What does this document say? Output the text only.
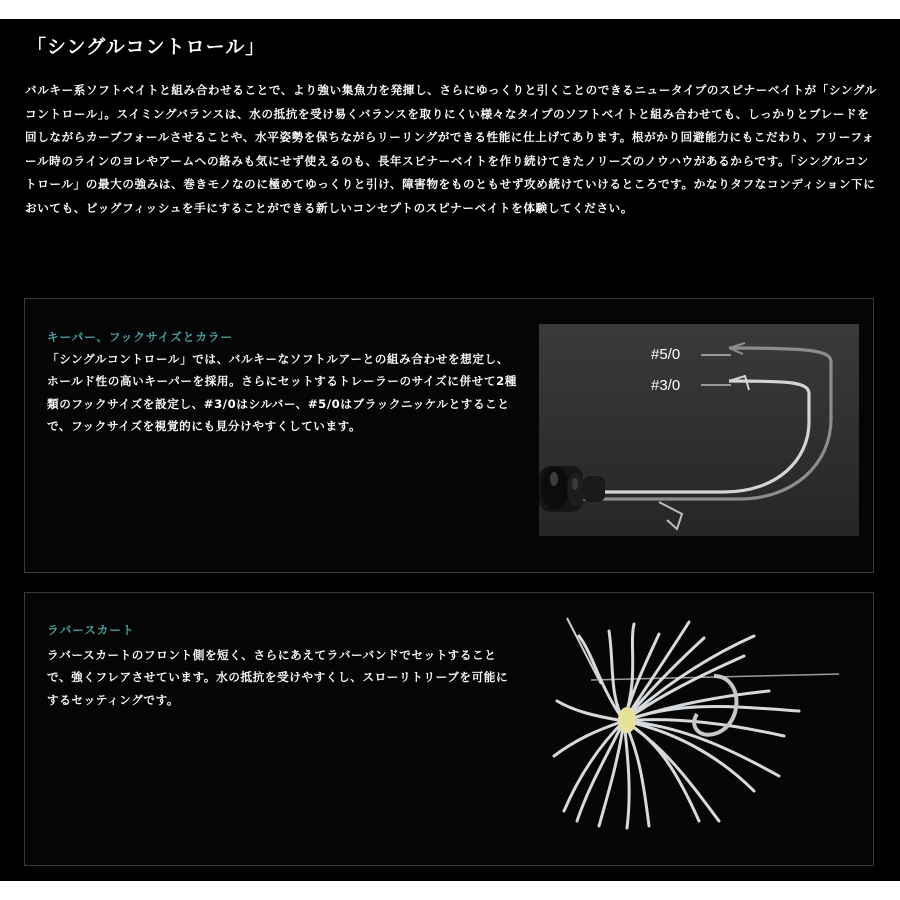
「シングルコントロール」

バルキー系ソフトベイトと組み合わせることで、より強い集魚力を発揮し、さらにゆっくりと引くことのできるニュータイプのスピナーベイトが「シングルコントロール」。スイミングバランスは、水の抵抗を受け易くバランスを取りにくい様々なタイプのソフトベイトと組み合わせても、しっかりとブレードを回しながらカーブフォールさせることや、水平姿勢を保ちながらリーリングができる性能に仕上げてあります。根がかり回避能力にもこだわり、フリーフォール時のラインのヨレやアームへの絡みも気にせず使えるのも、長年スピナーベイトを作り続けてきたノリーズのノウハウがあるからです。「シングルコントロール」の最大の強みは、巻きモノなのに極めてゆっくりと引け、障害物をものともせず攻め続けていけるところです。かなりタフなコンディション下においても、ビッグフィッシュを手にすることができる新しいコンセプトのスピナーベイトを体験してください。

キーパー、フックサイズとカラー

「シングルコントロール」では、バルキーなソフトルアーとの組み合わせを想定し、ホールド性の高いキーパーを採用。さらにセットするトレーラーのサイズに併せて2種類のフックサイズを設定し、#3/0はシルバー、#5/0はブラックニッケルとすることで、フックサイズを視覚的にも見分けやすくしています。

#5/0
#3/0
ラバースカート

ラバースカートのフロント側を短く、さらにあえてラバーバンドでセットすることで、強くフレアさせています。水の抵抗を受けやすくし、スローリトリーブを可能にするセッティングです。
